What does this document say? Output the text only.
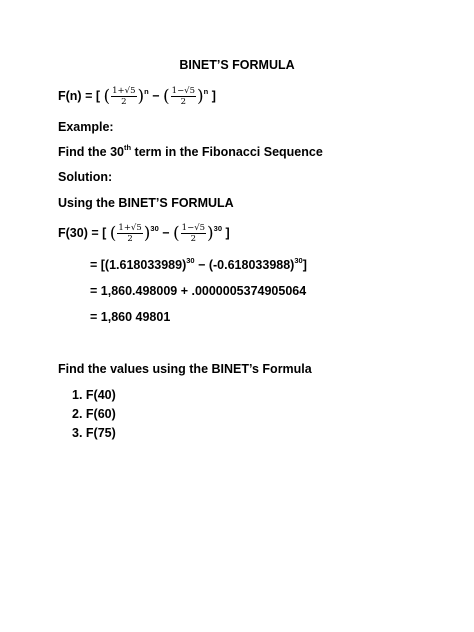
BINET’S FORMULA
F(n) = [ ( $\frac{1+√5}{2} )^n$ − ( $\frac{1-√5}{2} )^n$ ]
Example:
Find the 30th term in the Fibonacci Sequence
Solution:
Using the BINET’S FORMULA
F(30) = [ ( $\frac{1+√5}{2} )^{30}$ − ( $\frac{1-√5}{2} )^{30}$ ]
= $[(1.618033989)^{30} - (-0.618033988)^{30}]$
= 1,860.498009 + .0000005374905064
= 1,860 49801
Find the values using the BINET’s Formula
1. F(40)
2. F(60)
3. F(75)
